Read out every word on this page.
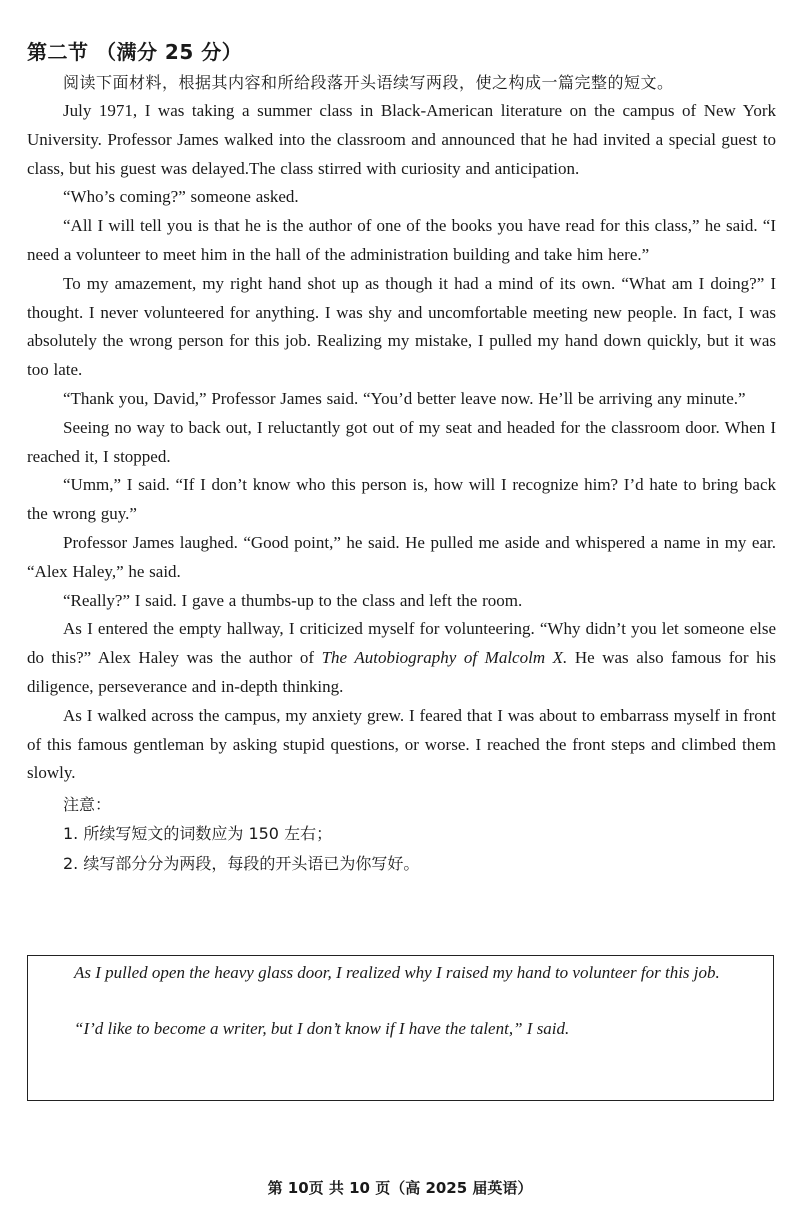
第二节 （满分 25 分）

阅读下面材料，根据其内容和所给段落开头语续写两段，使之构成一篇完整的短文。

July 1971, I was taking a summer class in Black-American literature on the campus of New York University. Professor James walked into the classroom and announced that he had invited a special guest to class, but his guest was delayed.The class stirred with curiosity and anticipation.

“Who’s coming?” someone asked.

“All I will tell you is that he is the author of one of the books you have read for this class,” he said. “I need a volunteer to meet him in the hall of the administration building and take him here.”

To my amazement, my right hand shot up as though it had a mind of its own. “What am I doing?” I thought. I never volunteered for anything. I was shy and uncomfortable meeting new people. In fact, I was absolutely the wrong person for this job. Realizing my mistake, I pulled my hand down quickly, but it was too late.

“Thank you, David,” Professor James said. “You’d better leave now. He’ll be arriving any minute.”

Seeing no way to back out, I reluctantly got out of my seat and headed for the classroom door. When I reached it, I stopped.

“Umm,” I said. “If I don’t know who this person is, how will I recognize him? I’d hate to bring back the wrong guy.”

Professor James laughed. “Good point,” he said. He pulled me aside and whispered a name in my ear. “Alex Haley,” he said.

“Really?” I said. I gave a thumbs-up to the class and left the room.

As I entered the empty hallway, I criticized myself for volunteering. “Why didn’t you let someone else do this?” Alex Haley was the author of The Autobiography of Malcolm X. He was also famous for his diligence, perseverance and in-depth thinking.

As I walked across the campus, my anxiety grew. I feared that I was about to embarrass myself in front of this famous gentleman by asking stupid questions, or worse. I reached the front steps and climbed them slowly.

注意：
1. 所续写短文的词数应为 150 左右；
2. 续写部分分为两段，每段的开头语已为你写好。

As I pulled open the heavy glass door, I realized why I raised my hand to volunteer for this job.

“I’d like to become a writer, but I don’t know if I have the talent,” I said.

第 10页 共 10 页（高 2025 届英语）
